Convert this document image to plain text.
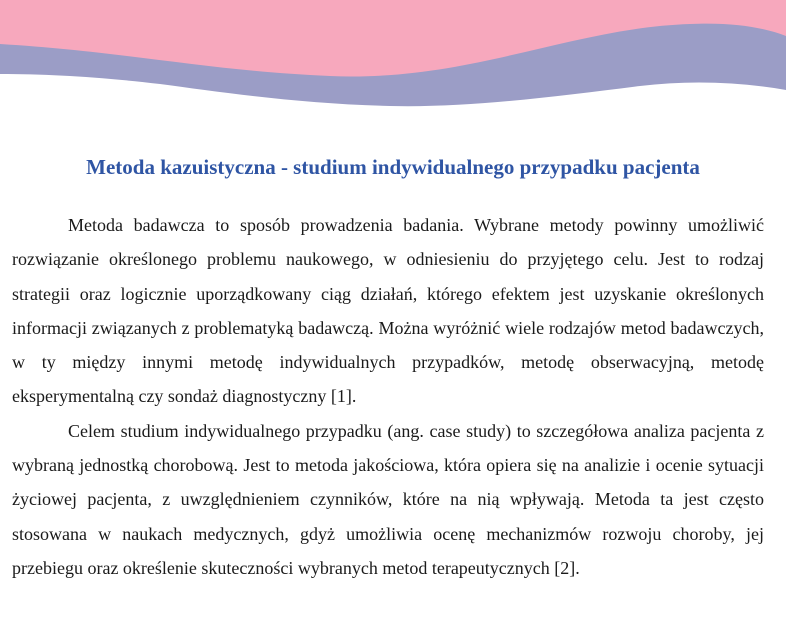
Metoda kazuistyczna - studium indywidualnego przypadku pacjenta

Metoda badawcza to sposób prowadzenia badania. Wybrane metody powinny umożliwić rozwiązanie określonego problemu naukowego, w odniesieniu do przyjętego celu. Jest to rodzaj strategii oraz logicznie uporządkowany ciąg działań, którego efektem jest uzyskanie określonych informacji związanych z problematyką badawczą. Można wyróżnić wiele rodzajów metod badawczych, w ty między innymi metodę indywidualnych przypadków, metodę obserwacyjną, metodę eksperymentalną czy sondaż diagnostyczny [1].

Celem studium indywidualnego przypadku (ang. case study) to szczegółowa analiza pacjenta z wybraną jednostką chorobową. Jest to metoda jakościowa, która opiera się na analizie i ocenie sytuacji życiowej pacjenta, z uwzględnieniem czynników, które na nią wpływają. Metoda ta jest często stosowana w naukach medycznych, gdyż umożliwia ocenę mechanizmów rozwoju choroby, jej przebiegu oraz określenie skuteczności wybranych metod terapeutycznych [2].
